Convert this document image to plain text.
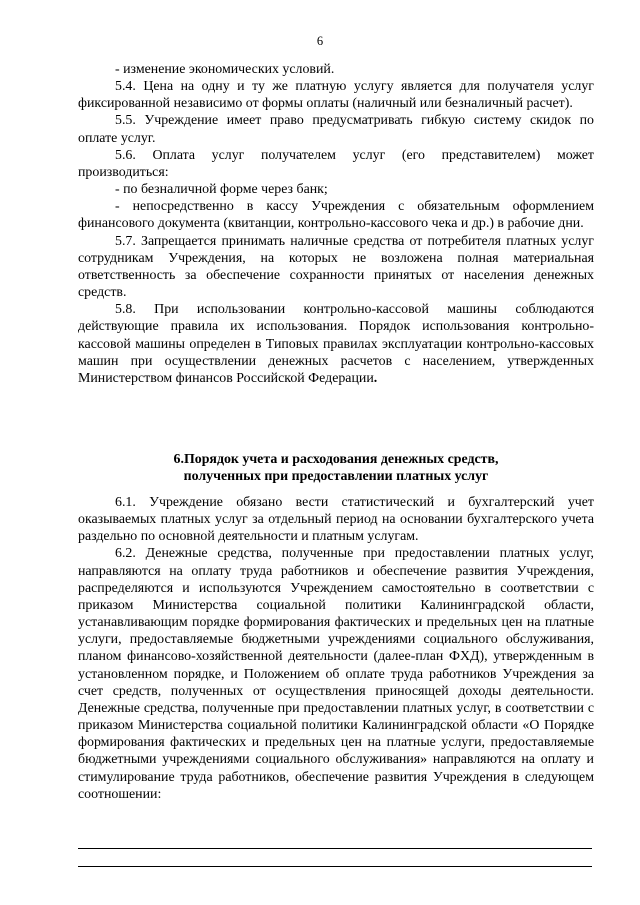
6

- изменение экономических условий.

5.4. Цена на одну и ту же платную услугу является для получателя услуг фиксированной независимо от формы оплаты (наличный или безналичный расчет).

5.5. Учреждение имеет право предусматривать гибкую систему скидок по оплате услуг.

5.6. Оплата услуг получателем услуг (его представителем) может производиться:

- по безналичной форме через банк;

- непосредственно в кассу Учреждения с обязательным оформлением финансового документа (квитанции, контрольно-кассового чека и др.) в рабочие дни.

5.7. Запрещается принимать наличные средства от потребителя платных услуг сотрудникам Учреждения, на которых не возложена полная материальная ответственность за обеспечение сохранности принятых от населения денежных средств.

5.8. При использовании контрольно-кассовой машины соблюдаются действующие правила их использования. Порядок использования контрольно-кассовой машины определен в Типовых правилах эксплуатации контрольно-кассовых машин при осуществлении денежных расчетов с населением, утвержденных Министерством финансов Российской Федерации.

6.Порядок учета и расходования денежных средств,
полученных при предоставлении платных услуг

6.1. Учреждение обязано вести статистический и бухгалтерский учет оказываемых платных услуг за отдельный период на основании бухгалтерского учета раздельно по основной деятельности и платным услугам.

6.2. Денежные средства, полученные при предоставлении платных услуг, направляются на оплату труда работников и обеспечение развития Учреждения, распределяются и используются Учреждением самостоятельно в соответствии с приказом Министерства социальной политики Калининградской области, устанавливающим порядке формирования фактических и предельных цен на платные услуги, предоставляемые бюджетными учреждениями социального обслуживания, планом финансово-хозяйственной деятельности (далее-план ФХД), утвержденным в установленном порядке, и Положением об оплате труда работников Учреждения за счет средств, полученных от осуществления приносящей доходы деятельности. Денежные средства, полученные при предоставлении платных услуг, в соответствии с приказом Министерства социальной политики Калининградской области «О Порядке формирования фактических и предельных цен на платные услуги, предоставляемые бюджетными учреждениями социального обслуживания» направляются на оплату и стимулирование труда работников, обеспечение развития Учреждения в следующем соотношении:
